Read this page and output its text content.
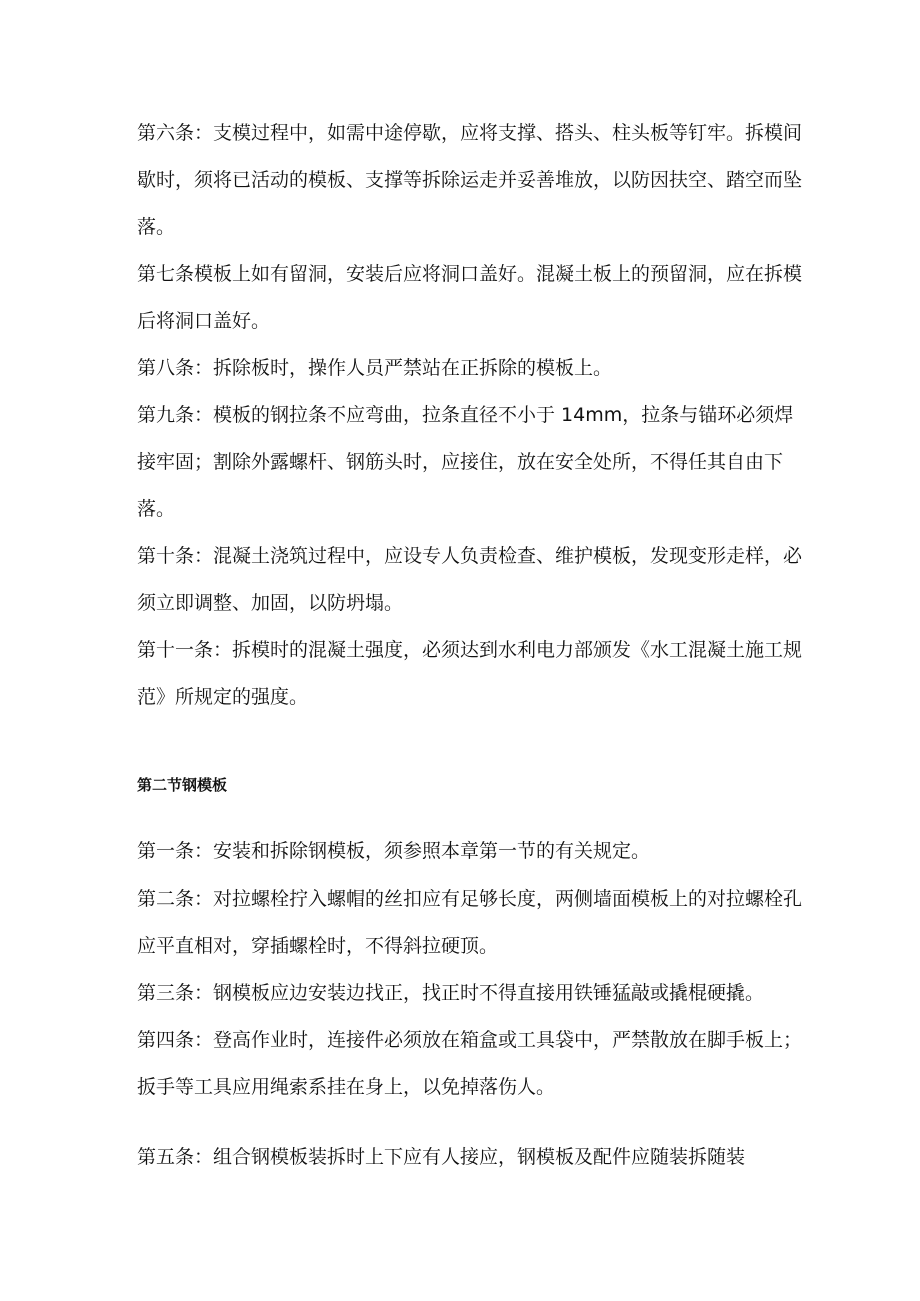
第六条：支模过程中，如需中途停歇，应将支撑、搭头、柱头板等钉牢。拆模间歇时，须将已活动的模板、支撑等拆除运走并妥善堆放，以防因扶空、踏空而坠落。

第七条模板上如有留洞，安装后应将洞口盖好。混凝土板上的预留洞，应在拆模后将洞口盖好。

第八条：拆除板时，操作人员严禁站在正拆除的模板上。

第九条：模板的钢拉条不应弯曲，拉条直径不小于 14mm，拉条与锚环必须焊接牢固；割除外露螺杆、钢筋头时，应接住，放在安全处所，不得任其自由下落。

第十条：混凝土浇筑过程中，应设专人负责检查、维护模板，发现变形走样，必须立即调整、加固，以防坍塌。

第十一条：拆模时的混凝土强度，必须达到水利电力部颁发《水工混凝土施工规范》所规定的强度。

第二节钢模板

第一条：安装和拆除钢模板，须参照本章第一节的有关规定。

第二条：对拉螺栓拧入螺帽的丝扣应有足够长度，两侧墙面模板上的对拉螺栓孔应平直相对，穿插螺栓时，不得斜拉硬顶。

第三条：钢模板应边安装边找正，找正时不得直接用铁锤猛敲或撬棍硬撬。

第四条：登高作业时，连接件必须放在箱盒或工具袋中，严禁散放在脚手板上；扳手等工具应用绳索系挂在身上，以免掉落伤人。

第五条：组合钢模板装拆时上下应有人接应，钢模板及配件应随装拆随装
